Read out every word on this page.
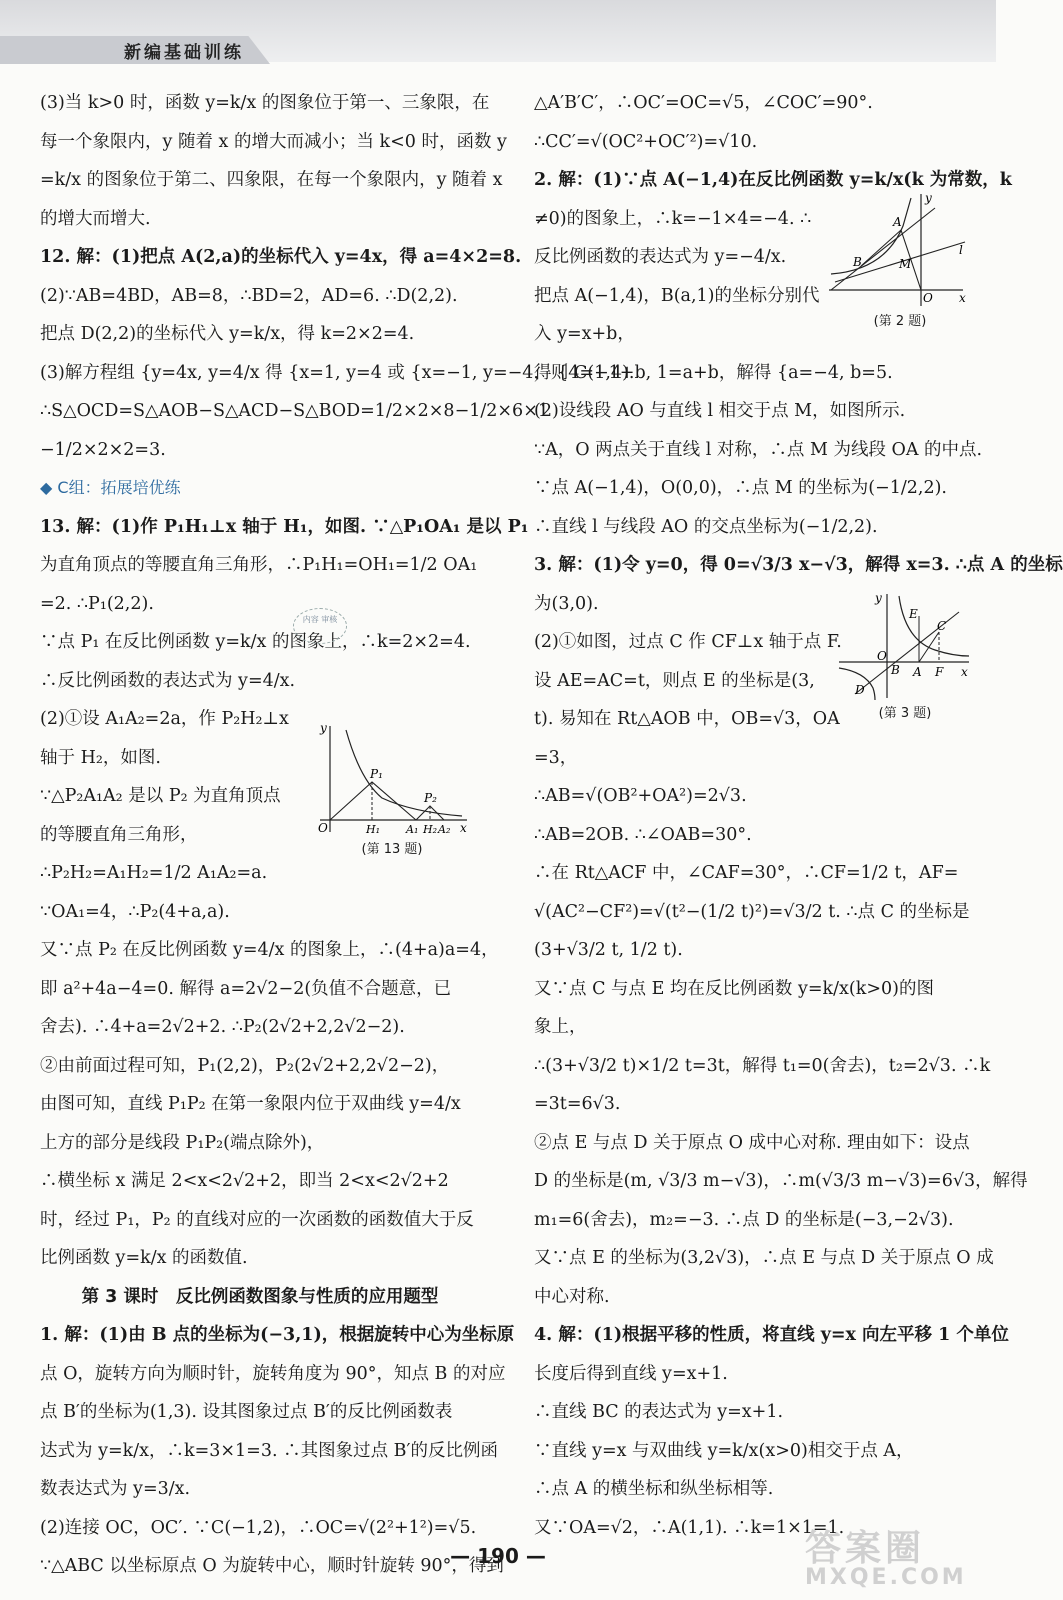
新编基础训练
(3)当 k>0 时，函数 y=k/x 的图象位于第一、三象限，在
每一个象限内，y 随着 x 的增大而减小；当 k<0 时，函数 y
=k/x 的图象位于第二、四象限，在每一个象限内，y 随着 x
的增大而增大.
12. 解：(1)把点 A(2,a)的坐标代入 y=4x，得 a=4×2=8.
(2)∵AB=4BD，AB=8，∴BD=2，AD=6. ∴D(2,2).
把点 D(2,2)的坐标代入 y=k/x，得 k=2×2=4.
(3)解方程组 {y=4x, y=4/x 得 {x=1, y=4 或 {x=−1, y=−4，则 C(1,4).
∴S△OCD=S△AOB−S△ACD−S△BOD=1/2×2×8−1/2×6×1
−1/2×2×2=3.
◆ C组：拓展培优练
13. 解：(1)作 P₁H₁⊥x 轴于 H₁，如图. ∵△P₁OA₁ 是以 P₁
为直角顶点的等腰直角三角形，∴P₁H₁=OH₁=1/2 OA₁
=2. ∴P₁(2,2).
∵点 P₁ 在反比例函数 y=k/x 的图象上，∴k=2×2=4.
∴反比例函数的表达式为 y=4/x.
(2)①设 A₁A₂=2a，作 P₂H₂⊥x
轴于 H₂，如图.
∵△P₂A₁A₂ 是以 P₂ 为直角顶点
的等腰直角三角形，
∴P₂H₂=A₁H₂=1/2 A₁A₂=a.
∵OA₁=4，∴P₂(4+a,a).
又∵点 P₂ 在反比例函数 y=4/x 的图象上，∴(4+a)a=4，
即 a²+4a−4=0. 解得 a=2√2−2(负值不合题意，已
舍去). ∴4+a=2√2+2. ∴P₂(2√2+2,2√2−2).
②由前面过程可知，P₁(2,2)，P₂(2√2+2,2√2−2)，
由图可知，直线 P₁P₂ 在第一象限内位于双曲线 y=4/x
上方的部分是线段 P₁P₂(端点除外)，
∴横坐标 x 满足 2<x<2√2+2，即当 2<x<2√2+2
时，经过 P₁，P₂ 的直线对应的一次函数的函数值大于反
比例函数 y=k/x 的函数值.
第 3 课时　反比例函数图象与性质的应用题型
1. 解：(1)由 B 点的坐标为(−3,1)，根据旋转中心为坐标原
点 O，旋转方向为顺时针，旋转角度为 90°，知点 B 的对应
点 B′的坐标为(1,3). 设其图象过点 B′的反比例函数表
达式为 y=k/x，∴k=3×1=3. ∴其图象过点 B′的反比例函
数表达式为 y=3/x.
(2)连接 OC，OC′. ∵C(−1,2)，∴OC=√(2²+1²)=√5.
∵△ABC 以坐标原点 O 为旋转中心，顺时针旋转 90°，得到
△A′B′C′，∴OC′=OC=√5，∠COC′=90°.
∴CC′=√(OC²+OC′²)=√10.
2. 解：(1)∵点 A(−1,4)在反比例函数 y=k/x(k 为常数，k
≠0)的图象上，∴k=−1×4=−4. ∴
反比例函数的表达式为 y=−4/x.
把点 A(−1,4)，B(a,1)的坐标分别代
入 y=x+b，
得 {4=−1+b, 1=a+b，解得 {a=−4, b=5.
(2)设线段 AO 与直线 l 相交于点 M，如图所示.
∵A，O 两点关于直线 l 对称，∴点 M 为线段 OA 的中点.
∵点 A(−1,4)，O(0,0)，∴点 M 的坐标为(−1/2,2).
∴直线 l 与线段 AO 的交点坐标为(−1/2,2).
3. 解：(1)令 y=0，得 0=√3/3 x−√3，解得 x=3. ∴点 A 的坐标
为(3,0).
(2)①如图，过点 C 作 CF⊥x 轴于点 F.
设 AE=AC=t，则点 E 的坐标是(3,
t). 易知在 Rt△AOB 中，OB=√3，OA
=3，
∴AB=√(OB²+OA²)=2√3.
∴AB=2OB. ∴∠OAB=30°.
∴在 Rt△ACF 中，∠CAF=30°，∴CF=1/2 t，AF=
√(AC²−CF²)=√(t²−(1/2 t)²)=√3/2 t. ∴点 C 的坐标是
(3+√3/2 t, 1/2 t).
又∵点 C 与点 E 均在反比例函数 y=k/x(k>0)的图
象上，
∴(3+√3/2 t)×1/2 t=3t，解得 t₁=0(舍去)，t₂=2√3. ∴k
=3t=6√3.
②点 E 与点 D 关于原点 O 成中心对称. 理由如下：设点
D 的坐标是(m, √3/3 m−√3)，∴m(√3/3 m−√3)=6√3，解得
m₁=6(舍去)，m₂=−3. ∴点 D 的坐标是(−3,−2√3).
又∵点 E 的坐标为(3,2√3)，∴点 E 与点 D 关于原点 O 成
中心对称.
4. 解：(1)根据平移的性质，将直线 y=x 向左平移 1 个单位
长度后得到直线 y=x+1.
∴直线 BC 的表达式为 y=x+1.
∵直线 y=x 与双曲线 y=k/x(x>0)相交于点 A，
∴点 A 的横坐标和纵坐标相等.
又∵OA=√2，∴A(1,1). ∴k=1×1=1.
y
P₁
P₂
O	H₁ A₁ H₂ A₂ x
(第 13 题)
y
A
l
B	M
O x
(第 2 题)
y
E
C
O
A F x
B
D
(第 3 题)
内容 审核
— 190 —	答案圈
MXQE.COM
